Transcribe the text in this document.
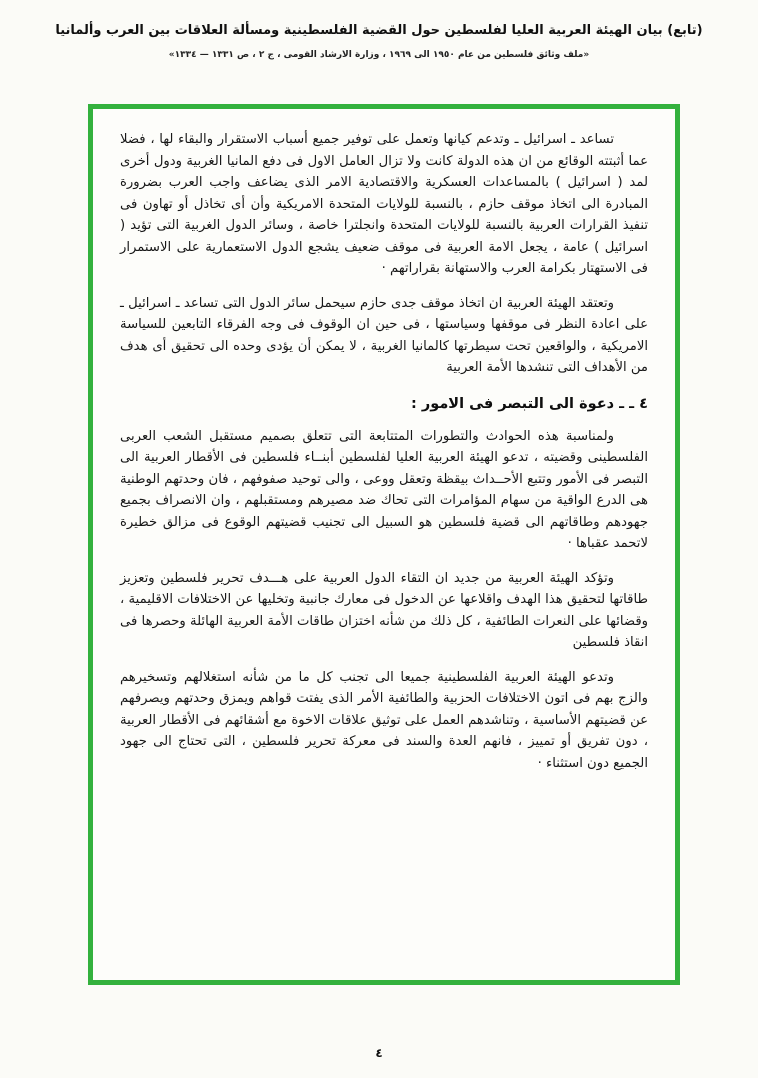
(تابع) بيان الهيئة العربية العليا لفلسطين حول القضية الفلسطينية ومسألة العلاقات بين العرب وألمانيا
«ملف وثائق فلسطين من عام ١٩٥٠ الى ١٩٦٩ ، وزارة الارشاد القومى ، ج ٢ ، ص ١٣٣١ — ١٣٣٤»

تساعد ـ اسرائيل ـ وتدعم كيانها وتعمل على توفير جميع أسباب الاستقرار والبقاء لها ، فضلا عما أثبتته الوقائع من ان هذه الدولة كانت ولا تزال العامل الاول فى دفع المانيا الغربية ودول أخرى لمد ( اسرائيل ) بالمساعدات العسكرية والاقتصادية الامر الذى يضاعف واجب العرب بضرورة المبادرة الى اتخاذ موقف حازم ، بالنسبة للولايات المتحدة الامريكية وأن أى تخاذل أو تهاون فى تنفيذ القرارات العربية بالنسبة للولايات المتحدة وانجلترا خاصة ، وسائر الدول الغربية التى تؤيد ( اسرائيل ) عامة ، يجعل الامة العربية فى موقف ضعيف يشجع الدول الاستعمارية على الاستمرار فى الاستهتار بكرامة العرب والاستهانة بقراراتهم ·

وتعتقد الهيئة العربية ان اتخاذ موقف جدى حازم سيحمل سائر الدول التى تساعد ـ اسرائيل ـ على اعادة النظر فى موقفها وسياستها ، فى حين ان الوقوف فى وجه الفرقاء التابعين للسياسة الامريكية ، والواقعين تحت سيطرتها كالمانيا الغربية ، لا يمكن أن يؤدى وحده الى تحقيق أى هدف من الأهداف التى تنشدها الأمة العربية

٤ ـ ـ دعوة الى التبصر فى الامور :

ولمناسبة هذه الحوادث والتطورات المتتابعة التى تتعلق بصميم مستقبل الشعب العربى الفلسطينى وقضيته ، تدعو الهيئة العربية العليا لفلسطين أبنــاء فلسطين فى الأقطار العربية الى التبصر فى الأمور وتتبع الأحــداث بيقظة وتعقل ووعى ، والى توحيد صفوفهم ، فان وحدتهم الوطنية هى الدرع الواقية من سهام المؤامرات التى تحاك ضد مصيرهم ومستقبلهم ، وان الانصراف بجميع جهودهم وطاقاتهم الى قضية فلسطين هو السبيل الى تجنيب قضيتهم الوقوع فى مزالق خطيرة لاتحمد عقباها ·

وتؤكد الهيئة العربية من جديد ان التقاء الدول العربية على هـــدف تحرير فلسطين وتعزيز طاقاتها لتحقيق هذا الهدف واقلاعها عن الدخول فى معارك جانبية وتخليها عن الاختلافات الاقليمية ، وقضائها على النعرات الطائفية ، كل ذلك من شأنه اختزان طاقات الأمة العربية الهائلة وحصرها فى انقاذ فلسطين

وتدعو الهيئة العربية الفلسطينية جميعا الى تجنب كل ما من شأنه استغلالهم وتسخيرهم والزج بهم فى اتون الاختلافات الحزبية والطائفية الأمر الذى يفتت قواهم ويمزق وحدتهم ويصرفهم عن قضيتهم الأساسية ، وتناشدهم العمل على توثيق علاقات الاخوة مع أشقائهم فى الأقطار العربية ، دون تفريق أو تمييز ، فانهم العدة والسند فى معركة تحرير فلسطين ، التى تحتاج الى جهود الجميع دون استثناء ·

٤
